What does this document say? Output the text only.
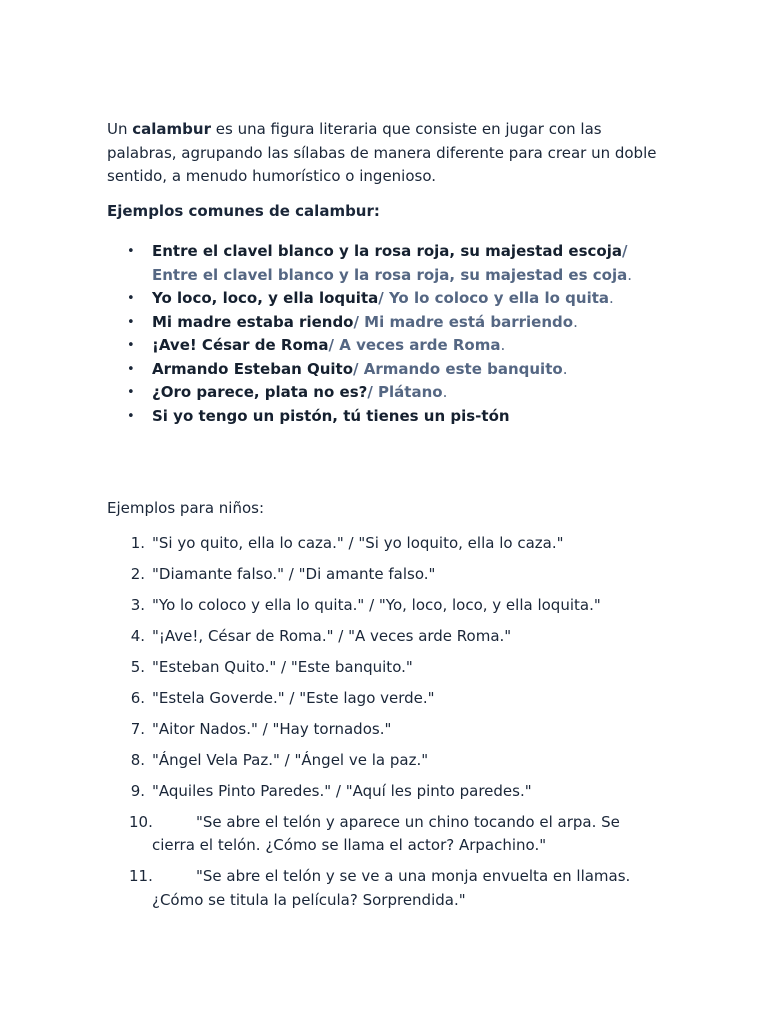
Un calambur es una figura literaria que consiste en jugar con las palabras, agrupando las sílabas de manera diferente para crear un doble sentido, a menudo humorístico o ingenioso.

Ejemplos comunes de calambur:

• Entre el clavel blanco y la rosa roja, su majestad escoja/ Entre el clavel blanco y la rosa roja, su majestad es coja.
• Yo loco, loco, y ella loquita/ Yo lo coloco y ella lo quita.
• Mi madre estaba riendo/ Mi madre está barriendo.
• ¡Ave! César de Roma/ A veces arde Roma.
• Armando Esteban Quito/ Armando este banquito.
• ¿Oro parece, plata no es?/ Plátano.
• Si yo tengo un pistón, tú tienes un pis-tón

Ejemplos para niños:

1. "Si yo quito, ella lo caza." / "Si yo loquito, ella lo caza."
2. "Diamante falso." / "Di amante falso."
3. "Yo lo coloco y ella lo quita." / "Yo, loco, loco, y ella loquita."
4. "¡Ave!, César de Roma." / "A veces arde Roma."
5. "Esteban Quito." / "Este banquito."
6. "Estela Goverde." / "Este lago verde."
7. "Aitor Nados." / "Hay tornados."
8. "Ángel Vela Paz." / "Ángel ve la paz."
9. "Aquiles Pinto Paredes." / "Aquí les pinto paredes."
10.	"Se abre el telón y aparece un chino tocando el arpa. Se
cierra el telón. ¿Cómo se llama el actor? Arpachino."
11.	"Se abre el telón y se ve a una monja envuelta en llamas.
¿Cómo se titula la película? Sorprendida."
